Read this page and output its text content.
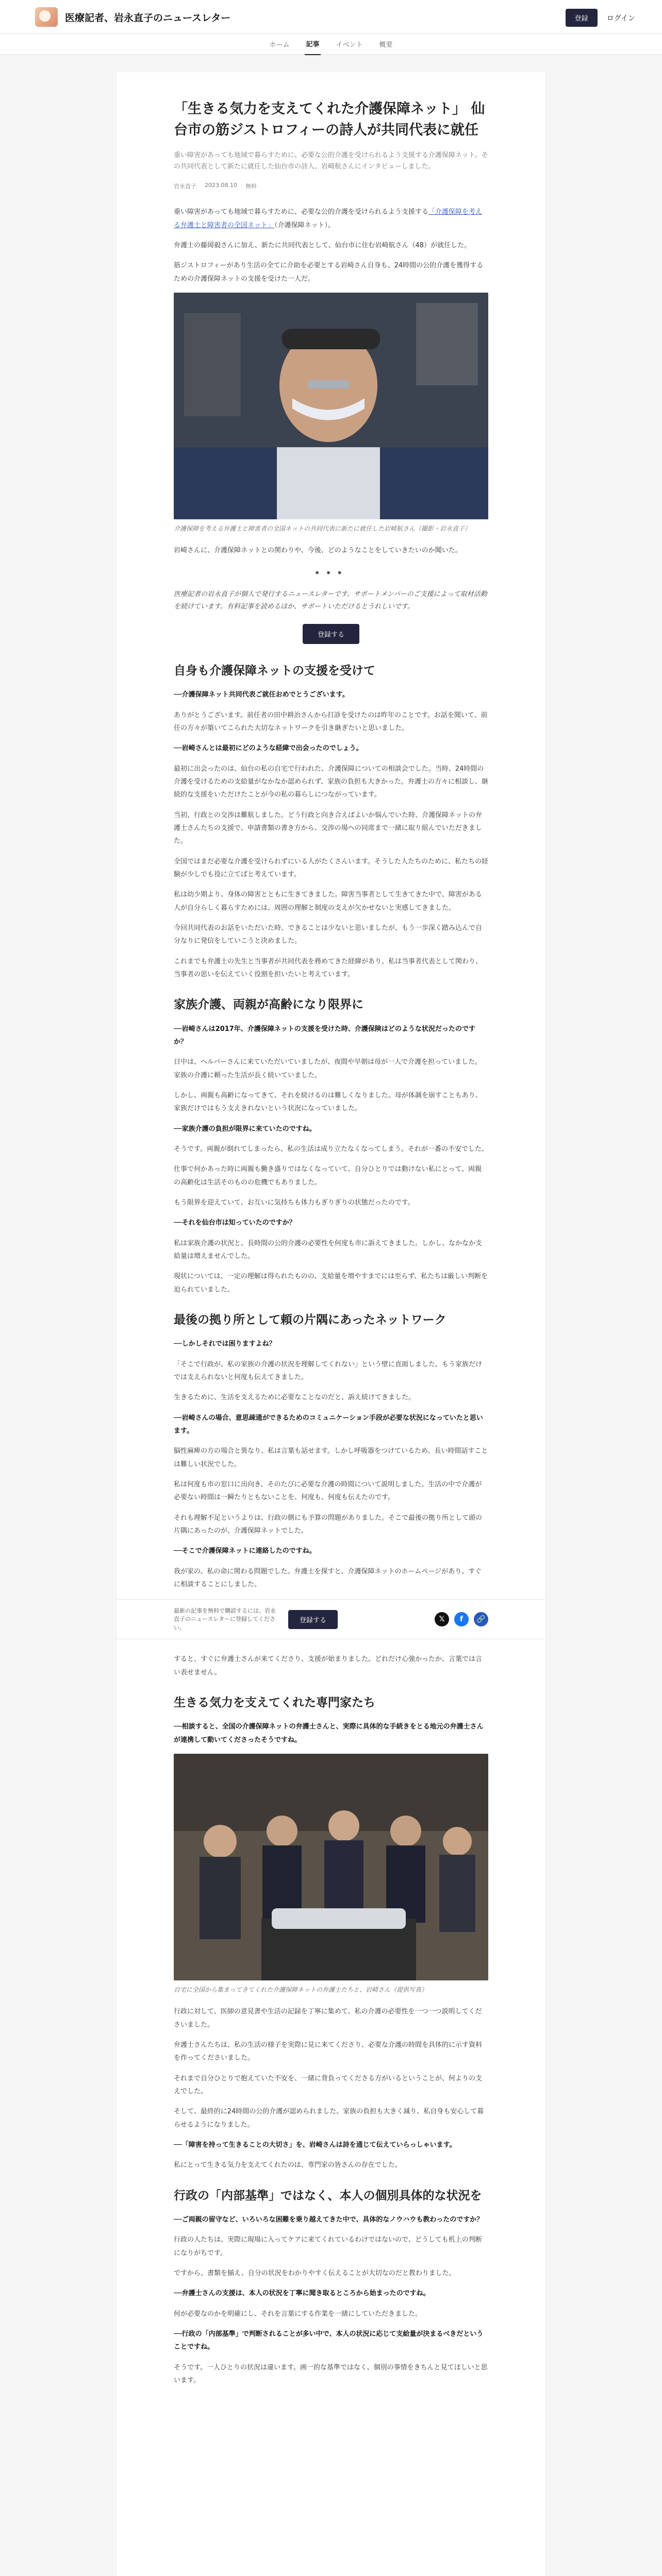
医療記者、岩永直子のニュースレター	登録	ログイン
ホーム 記事 イベント 概要
「生きる気力を支えてくれた介護保障ネット」 仙台市の筋ジストロフィーの詩人が共同代表に就任

重い障害があっても地域で暮らすために、必要な公的介護を受けられるよう支援する介護保障ネット。その共同代表として新たに就任した仙台市の詩人、岩崎航さんにインタビューしました。

岩永直子 2023.08.10 無料

重い障害があっても地域で暮らすために、必要な公的介護を受けられるよう支援する「介護保障を考える弁護士と障害者の全国ネット」（介護保障ネット）。

弁護士の藤岡毅さんに加え、新たに共同代表として、仙台市に住む岩崎航さん（48）が就任した。

筋ジストロフィーがあり生活の全てに介助を必要とする岩崎さん自身も、24時間の公的介護を獲得するための介護保障ネットの支援を受けた一人だ。

介護保障を考える弁護士と障害者の全国ネットの共同代表に新たに就任した岩崎航さん（撮影・岩永直子）

岩崎さんに、介護保障ネットとの関わりや、今後、どのようなことをしていきたいのか聞いた。

•••

医療記者の岩永直子が個人で発行するニュースレターです。サポートメンバーのご支援によって取材活動を続けています。有料記事を読めるほか、サポートいただけるとうれしいです。

登録する
自身も介護保障ネットの支援を受けて

──介護保障ネット共同代表ご就任おめでとうございます。

ありがとうございます。前任者の田中耕治さんから打診を受けたのは昨年のことです。お話を聞いて、前任の方々が築いてこられた大切なネットワークを引き継ぎたいと思いました。

──岩崎さんとは最初にどのような経緯で出会ったのでしょう。

最初に出会ったのは、仙台の私の自宅で行われた、介護保障についての相談会でした。当時、24時間の介護を受けるための支給量がなかなか認められず、家族の負担も大きかった。弁護士の方々に相談し、継続的な支援をいただけたことが今の私の暮らしにつながっています。

当初、行政との交渉は難航しました。どう行政と向き合えばよいか悩んでいた時、介護保障ネットの弁護士さんたちの支援で、申請書類の書き方から、交渉の場への同席まで一緒に取り組んでいただきました。

全国ではまだ必要な介護を受けられずにいる人がたくさんいます。そうした人たちのために、私たちの経験が少しでも役に立てばと考えています。

私は幼少期より、身体の障害とともに生きてきました。障害当事者として生きてきた中で、障害がある人が自分らしく暮らすためには、周囲の理解と制度の支えが欠かせないと実感してきました。

今回共同代表のお話をいただいた時、できることは少ないと思いましたが、もう一歩深く踏み込んで自分なりに発信をしていこうと決めました。

これまでも弁護士の先生と当事者が共同代表を務めてきた経緯があり、私は当事者代表として関わり、当事者の思いを伝えていく役割を担いたいと考えています。

家族介護、両親が高齢になり限界に

──岩崎さんは2017年、介護保障ネットの支援を受けた時、介護保険はどのような状況だったのですか？

日中は、ヘルパーさんに来ていただいていましたが、夜間や早朝は母が一人で介護を担っていました。家族の介護に頼った生活が長く続いていました。

しかし、両親も高齢になってきて、それを続けるのは難しくなりました。母が体調を崩すこともあり、家族だけではもう支えきれないという状況になっていました。

──家族介護の負担が限界に来ていたのですね。

そうです。両親が倒れてしまったら、私の生活は成り立たなくなってしまう。それが一番の不安でした。

仕事で何かあった時に両親も働き盛りではなくなっていて、自分ひとりでは動けない私にとって、両親の高齢化は生活そのものの危機でもありました。

もう限界を迎えていて、お互いに気持ちも体力もぎりぎりの状態だったのです。

──それを仙台市は知っていたのですか？

私は家族介護の状況と、長時間の公的介護の必要性を何度も市に訴えてきました。しかし、なかなか支給量は増えませんでした。

現状については、一定の理解は得られたものの、支給量を増やすまでには至らず、私たちは厳しい判断を迫られていました。

最後の拠り所として頼の片隅にあったネットワーク

──しかしそれでは困りますよね？

「そこで行政が、私の家族の介護の状況を理解してくれない」という壁に直面しました。もう家族だけでは支えられないと何度も伝えてきました。

生きるために、生活を支えるために必要なことなのだと、訴え続けてきました。

──岩崎さんの場合、意思疎通ができるためのコミュニケーション手段が必要な状況になっていたと思います。

脳性麻痺の方の場合と異なり、私は言葉も話せます。しかし呼吸器をつけているため、長い時間話すことは難しい状況でした。

私は何度も市の窓口に出向き、そのたびに必要な介護の時間について説明しました。生活の中で介護が必要ない時間は一瞬たりともないことを、何度も、何度も伝えたのです。

それも理解不足というよりは、行政の側にも予算の問題がありました。そこで最後の拠り所として頭の片隅にあったのが、介護保障ネットでした。

──そこで介護保障ネットに連絡したのですね。

我が家の、私の命に関わる問題でした。弁護士を探すと、介護保障ネットのホームページがあり、すぐに相談することにしました。

最新の記事を無料で購読するには、岩永直子のニュースレターに登録してください。
登録する	𝕏	f	🔗

すると、すぐに弁護士さんが来てくださり、支援が始まりました。どれだけ心強かったか、言葉では言い表せません。

生きる気力を支えてくれた専門家たち

──相談すると、全国の介護保障ネットの弁護士さんと、実際に具体的な手続きをとる地元の弁護士さんが連携して動いてくださったそうですね。

自宅に全国から集まってきてくれた介護保障ネットの弁護士たちと、岩崎さん（提供写真）

行政に対して、医師の意見書や生活の記録を丁寧に集めて、私の介護の必要性を一つ一つ説明してくださいました。

弁護士さんたちは、私の生活の様子を実際に見に来てくださり、必要な介護の時間を具体的に示す資料を作ってくださいました。

それまで自分ひとりで抱えていた不安を、一緒に背負ってくださる方がいるということが、何よりの支えでした。

そして、最終的に24時間の公的介護が認められました。家族の負担も大きく減り、私自身も安心して暮らせるようになりました。

──「障害を持って生きることの大切さ」を、岩崎さんは詩を通じて伝えていらっしゃいます。

私にとって生きる気力を支えてくれたのは、専門家の皆さんの存在でした。

行政の「内部基準」ではなく、本人の個別具体的な状況を

──ご両親の留守など、いろいろな困難を乗り越えてきた中で、具体的なノウハウも教わったのですか？

行政の人たちは、実際に現場に入ってケアに来てくれているわけではないので、どうしても机上の判断になりがちです。

ですから、書類を揃え、自分の状況をわかりやすく伝えることが大切なのだと教わりました。

──弁護士さんの支援は、本人の状況を丁寧に聞き取るところから始まったのですね。

何が必要なのかを明確にし、それを言葉にする作業を一緒にしていただきました。

──行政の「内部基準」で判断されることが多い中で、本人の状況に応じて支給量が決まるべきだということですね。

そうです。一人ひとりの状況は違います。画一的な基準ではなく、個別の事情をきちんと見てほしいと思います。
